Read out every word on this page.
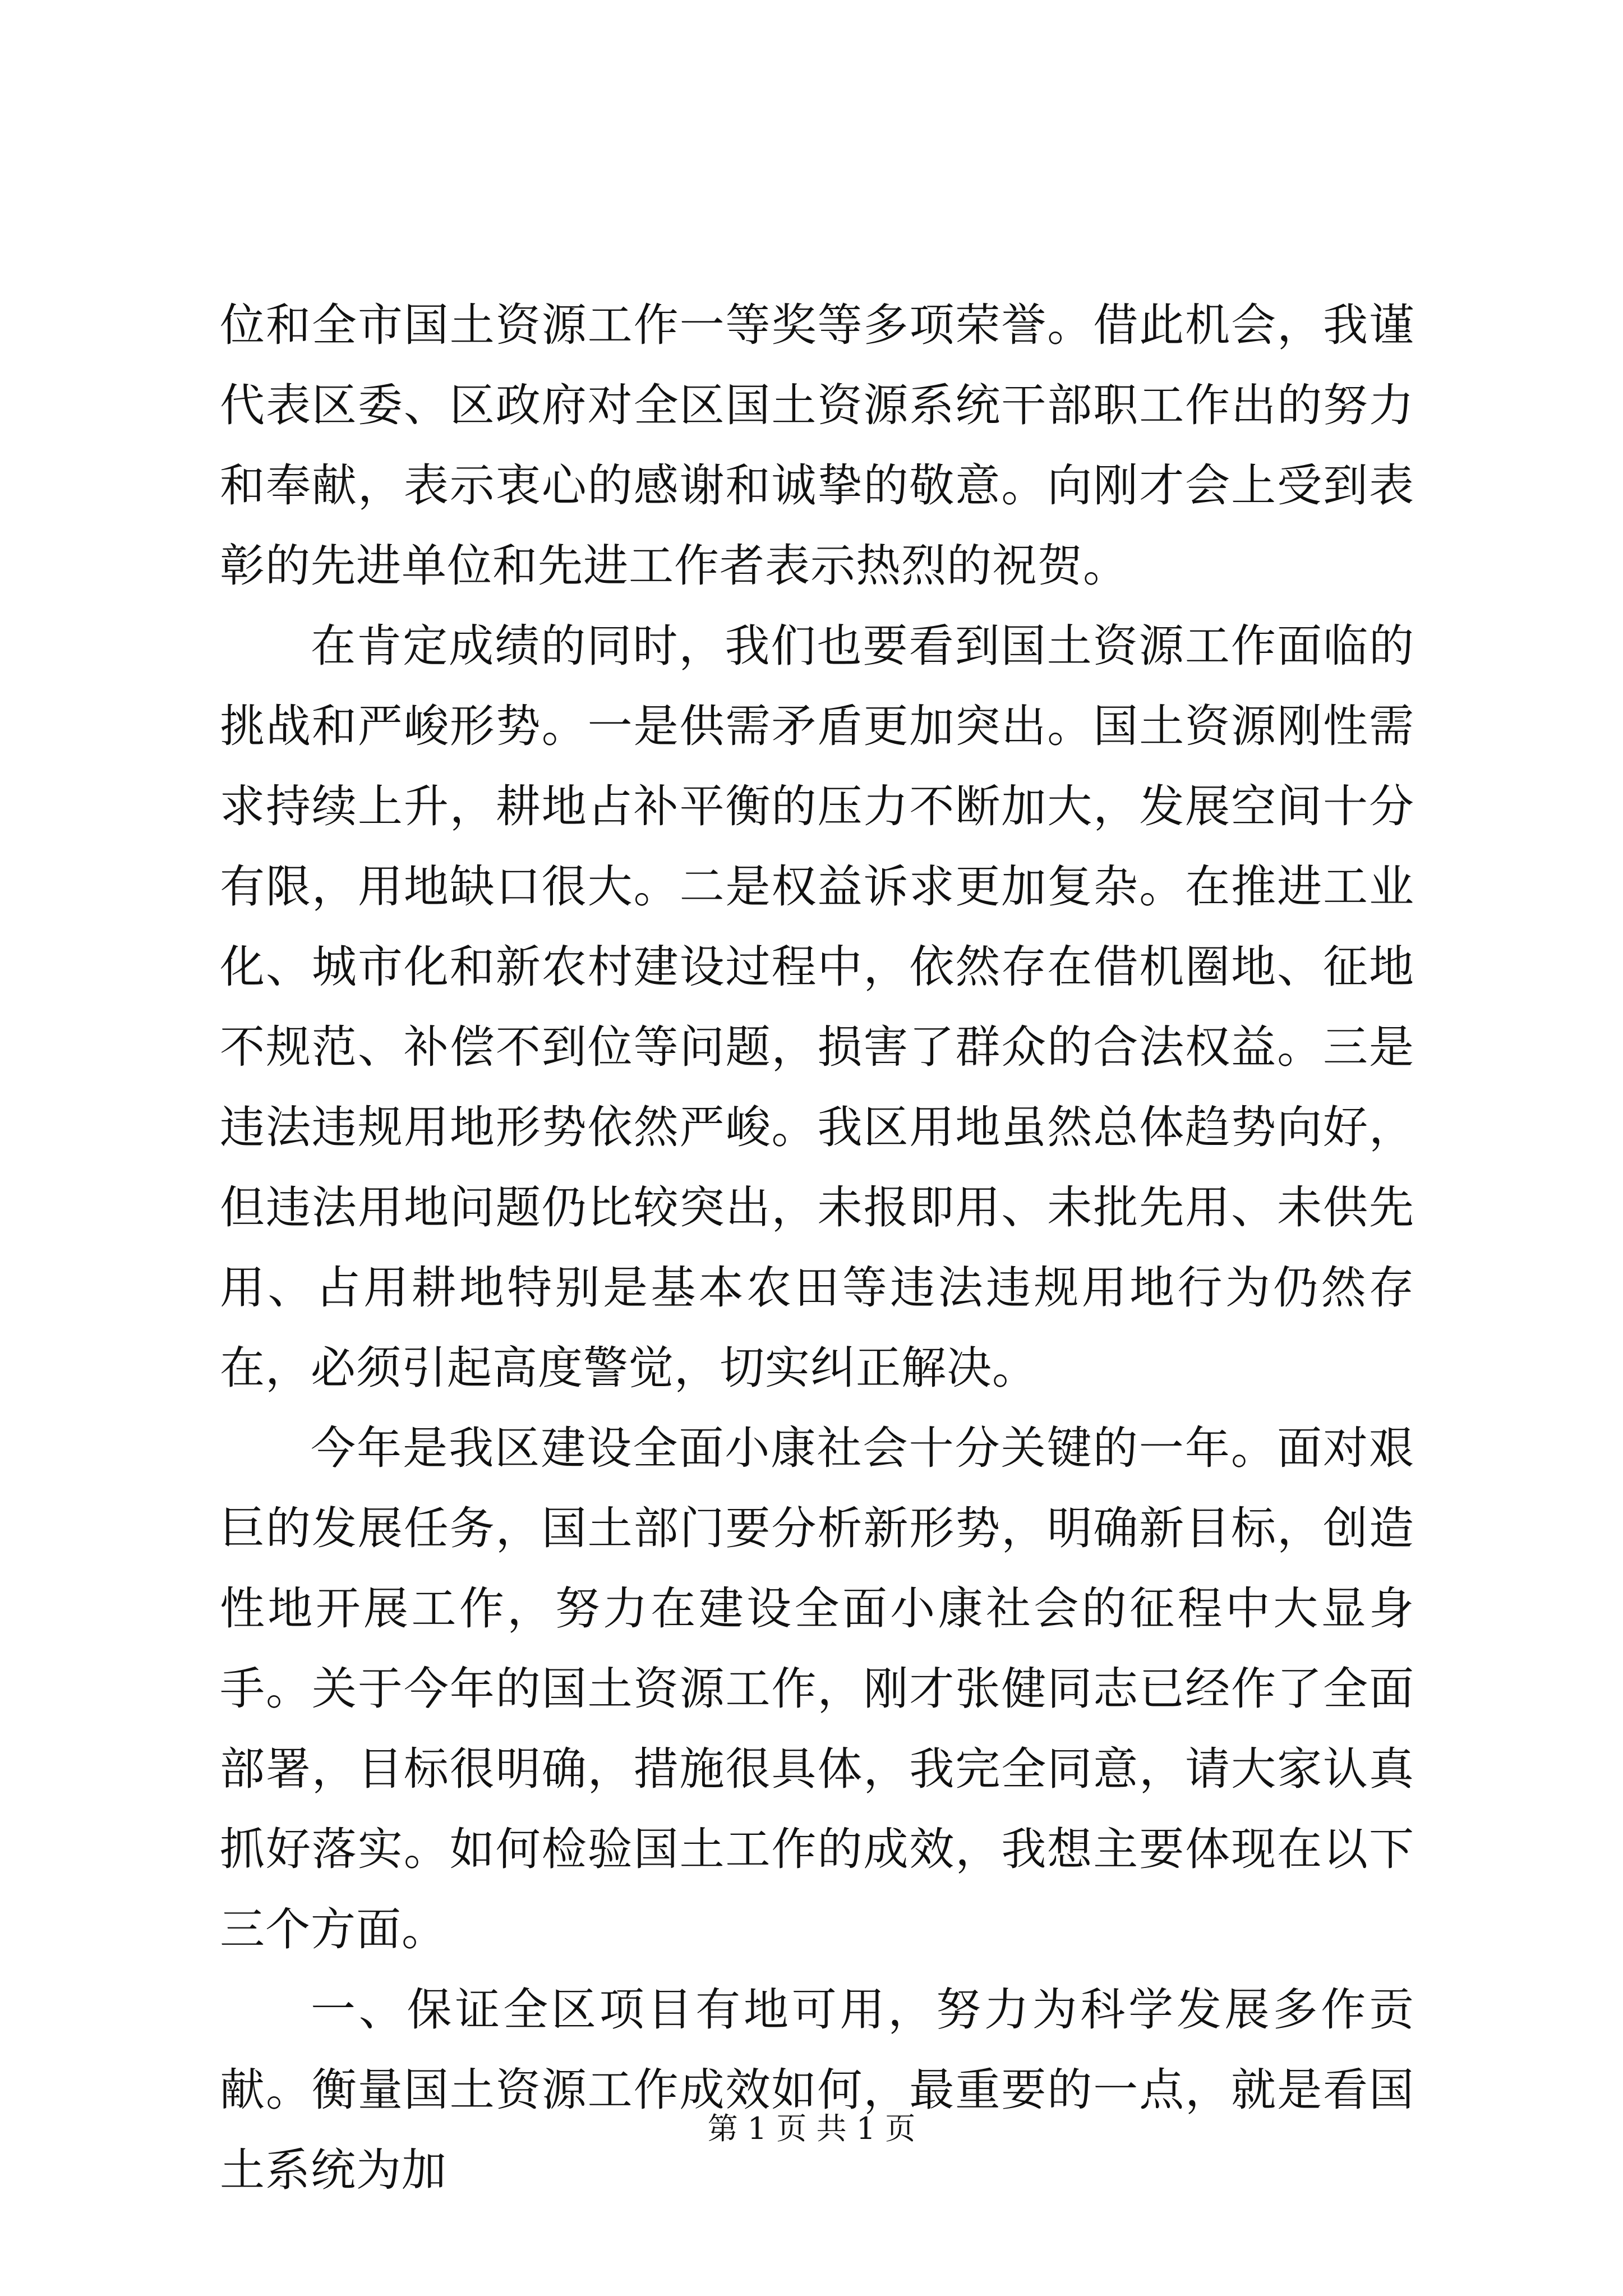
位和全市国土资源工作一等奖等多项荣誉。借此机会，我谨代表区委、区政府对全区国土资源系统干部职工作出的努力和奉献，表示衷心的感谢和诚挚的敬意。向刚才会上受到表彰的先进单位和先进工作者表示热烈的祝贺。

在肯定成绩的同时，我们也要看到国土资源工作面临的挑战和严峻形势。一是供需矛盾更加突出。国土资源刚性需求持续上升，耕地占补平衡的压力不断加大，发展空间十分有限，用地缺口很大。二是权益诉求更加复杂。在推进工业化、城市化和新农村建设过程中，依然存在借机圈地、征地不规范、补偿不到位等问题，损害了群众的合法权益。三是违法违规用地形势依然严峻。我区用地虽然总体趋势向好，但违法用地问题仍比较突出，未报即用、未批先用、未供先用、占用耕地特别是基本农田等违法违规用地行为仍然存在，必须引起高度警觉，切实纠正解决。

今年是我区建设全面小康社会十分关键的一年。面对艰巨的发展任务，国土部门要分析新形势，明确新目标，创造性地开展工作，努力在建设全面小康社会的征程中大显身手。关于今年的国土资源工作，刚才张健同志已经作了全面部署，目标很明确，措施很具体，我完全同意，请大家认真抓好落实。如何检验国土工作的成效，我想主要体现在以下三个方面。

一、保证全区项目有地可用，努力为科学发展多作贡献。衡量国土资源工作成效如何，最重要的一点，就是看国土系统为加

第 1 页 共 1 页
